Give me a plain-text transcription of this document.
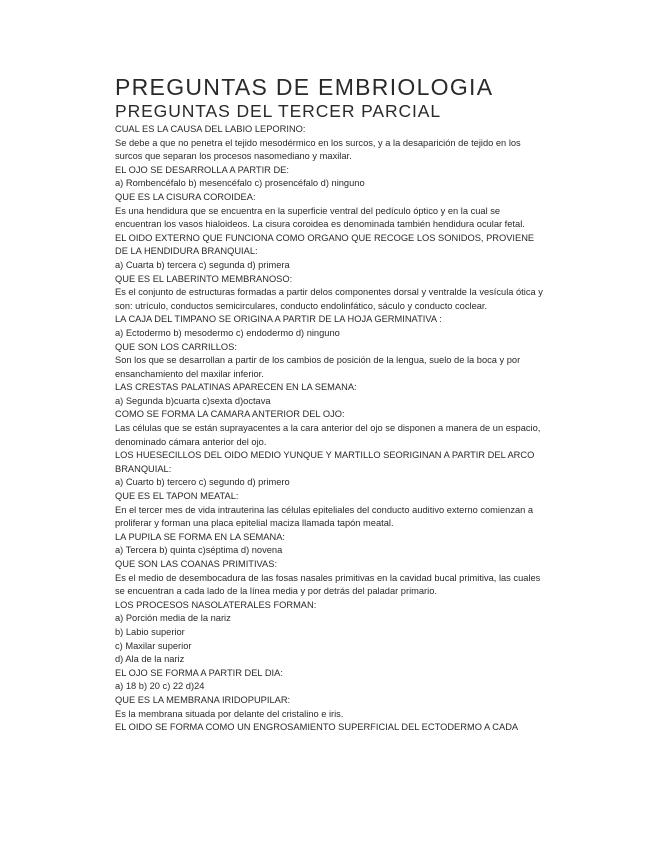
PREGUNTAS DE EMBRIOLOGIA
PREGUNTAS DEL TERCER PARCIAL

CUAL ES LA CAUSA DEL LABIO LEPORINO:

Se debe a que no penetra el tejido mesodérmico en los surcos, y a la desaparición de tejido en los surcos que separan los procesos nasomediano y maxilar.

EL OJO SE DESARROLLA A PARTIR DE:

a) Rombencéfalo b) mesencéfalo c) prosencéfalo d) ninguno

QUE ES LA CISURA COROIDEA:

Es una hendidura que se encuentra en la superficie ventral del pedículo óptico y en la cual se encuentran los vasos hialoideos. La cisura coroidea es denominada también hendidura ocular fetal.

EL OIDO EXTERNO QUE FUNCIONA COMO ORGANO QUE RECOGE LOS SONIDOS, PROVIENE DE LA HENDIDURA BRANQUIAL:

a) Cuarta b) tercera c) segunda d) primera

QUE ES EL LABERINTO MEMBRANOSO:

Es el conjunto de estructuras formadas a partir delos componentes dorsal y ventralde la vesícula ótica y son: utrículo, conductos semicirculares, conducto endolinfático, sáculo y conducto coclear.

LA CAJA DEL TIMPANO SE ORIGINA A PARTIR DE LA HOJA GERMINATIVA :

a) Ectodermo b) mesodermo c) endodermo d) ninguno

QUE SON LOS CARRILLOS:

Son los que se desarrollan a partir de los cambios de posición de la lengua, suelo de la boca y por ensanchamiento del maxilar inferior.

LAS CRESTAS PALATINAS APARECEN EN LA SEMANA:

a) Segunda b)cuarta c)sexta d)octava

COMO SE FORMA LA CAMARA ANTERIOR DEL OJO:

Las células que se están suprayacentes a la cara anterior del ojo se disponen a manera de un espacio, denominado cámara anterior del ojo.

LOS HUESECILLOS DEL OIDO MEDIO YUNQUE Y MARTILLO SEORIGINAN A PARTIR DEL ARCO BRANQUIAL:

a) Cuarto b) tercero c) segundo d) primero

QUE ES EL TAPON MEATAL:

En el tercer mes de vida intrauterina las células epiteliales del conducto auditivo externo comienzan a proliferar y forman una placa epitelial maciza llamada tapón meatal.

LA PUPILA SE FORMA EN LA SEMANA:

a) Tercera b) quinta c)séptima d) novena

QUE SON LAS COANAS PRIMITIVAS:

Es el medio de desembocadura de las fosas nasales primitivas en la cavidad bucal primitiva, las cuales se encuentran a cada lado de la línea media y por detrás del paladar primario.

LOS PROCESOS NASOLATERALES FORMAN:

a) Porción media de la nariz

b) Labio superior

c) Maxilar superior

d) Ala de la nariz

EL OJO SE FORMA A PARTIR DEL DIA:

a) 18 b) 20 c) 22 d)24

QUE ES LA MEMBRANA IRIDOPUPILAR:

Es la membrana situada por delante del cristalino e iris.

EL OIDO SE FORMA COMO UN ENGROSAMIENTO SUPERFICIAL DEL ECTODERMO A CADA
